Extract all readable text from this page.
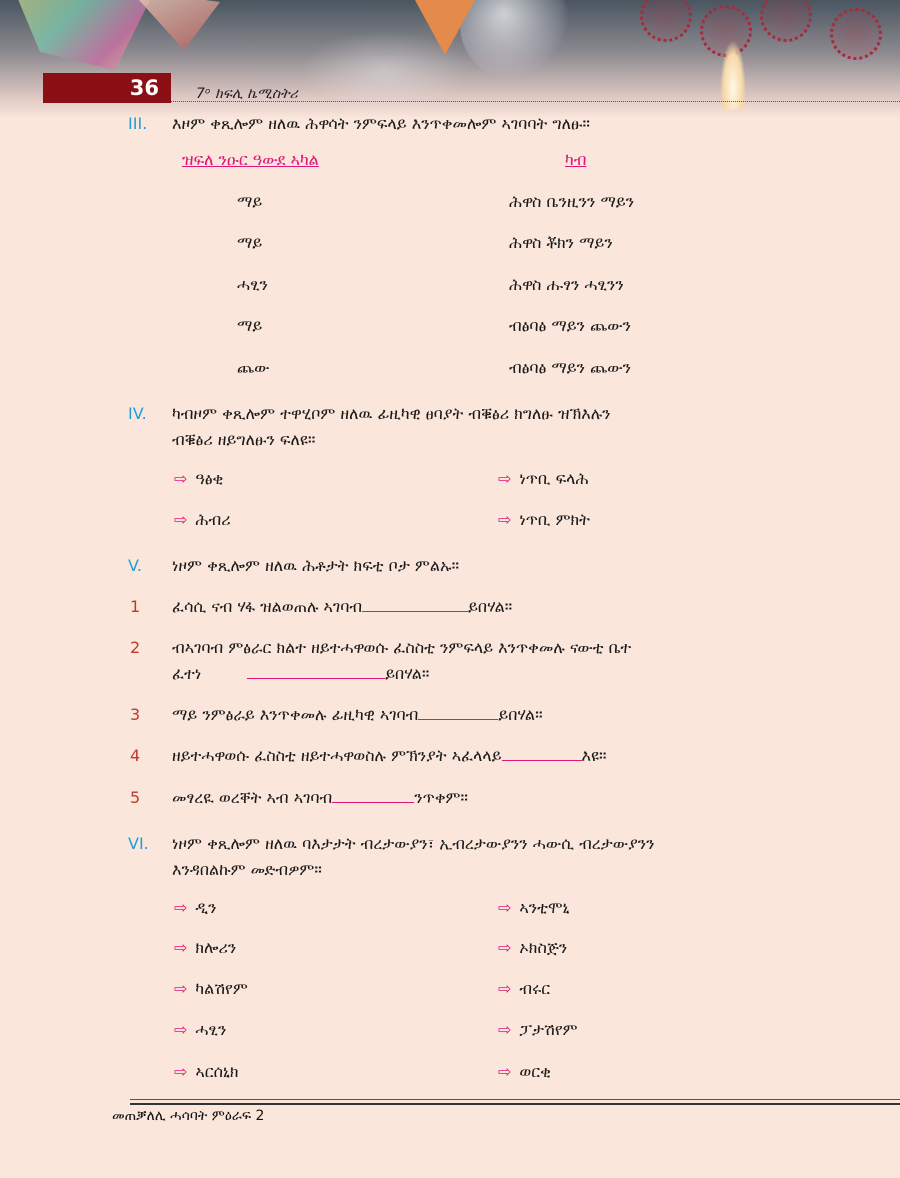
36	7ᵒ ክፍሊ ኬሚስትሪ
III. እዞም ቀጺሎም ዘለዉ ሕዋሳት ንምፍላይ እንጥቀመሎም ኣገባባት ግለፁ።
ዝፍለ ንዑር ዓውደ ኣካል	ካብ
ማይ	ሕዋስ ቤንዚንን ማይን
ማይ	ሕዋስ ቾክን ማይን
ሓፂን	ሕዋስ ሑፃን ሓፂንን
ማይ	ብፅባፅ ማይን ጨውን
ጨው	ብፅባፅ ማይን ጨውን
IV. ካብዞም ቀጺሎም ተዋሂቦም ዘለዉ ፊዚካዊ ፀባያት ብቑፅሪ ክግለፁ ዝኽእሉን
ብቑፅሪ ዘይግለፁን ፍለዩ።
⇨ ዓፅቂ	⇨ ነጥቢ ፍላሕ
⇨ ሕብሪ	⇨ ነጥቢ ምክት
V. ነዞም ቀጺሎም ዘለዉ ሕቶታት ክፍቲ ቦታ ምልኡ።
1 ፈሳሲ ናብ ሃፋ ዝልወጠሉ ኣገባብ	ይበሃል።
2 ብኣገባብ ምፅራር ክልተ ዘይተሓዋወሱ ፈስስቲ ንምፍላይ እንጥቀመሉ ናውቲ ቤተ
ፈተነ	ይበሃል።
3 ማይ ንምፅራይ እንጥቀመሉ ፊዚካዊ ኣገባብ	ይበሃል።
4 ዘይተሓዋወሱ ፈስስቲ ዘይተሓዋወስሉ ምኽንያት ኣፈላላይ	እዩ።
5 መፃረዪ ወረቐት ኣብ ኣገባብ	ንጥቀም።
VI. ነዞም ቀጺሎም ዘለዉ ባእታታት ብረታውያን፣ ኢብረታውያንን ሓውሲ ብረታውያንን
እንዳበልኩም መድብዎም።
⇨ ዲን	⇨ ኣንቲሞኒ
⇨ ክሎሪን	⇨ ኦክስጅን
⇨ ካልሽየም	⇨ ብሩር
⇨ ሓፂን	⇨ ፓታሽየም
⇨ ኣርሰኒክ	⇨ ወርቂ
መጠቓለሊ ሓሳባት ምዕራፍ 2
